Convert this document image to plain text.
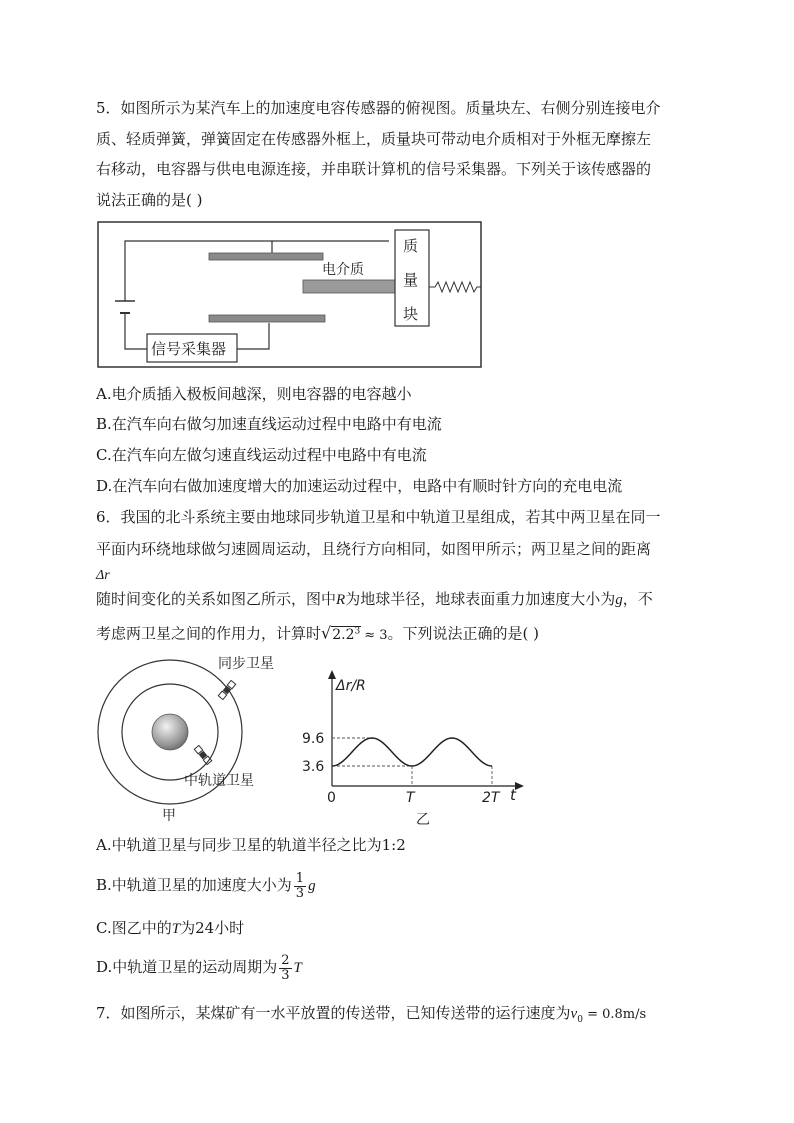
5．如图所示为某汽车上的加速度电容传感器的俯视图。质量块左、右侧分别连接电介
质、轻质弹簧，弹簧固定在传感器外框上，质量块可带动电介质相对于外框无摩擦左
右移动，电容器与供电电源连接，并串联计算机的信号采集器。下列关于该传感器的
说法正确的是( )
电介质
质
量
块
信号采集器
A.电介质插入极板间越深，则电容器的电容越小
B.在汽车向右做匀加速直线运动过程中电路中有电流
C.在汽车向左做匀速直线运动过程中电路中有电流
D.在汽车向右做加速度增大的加速运动过程中，电路中有顺时针方向的充电电流
6．我国的北斗系统主要由地球同步轨道卫星和中轨道卫星组成，若其中两卫星在同一
平面内环绕地球做匀速圆周运动，且绕行方向相同，如图甲所示；两卫星之间的距离
Δr
随时间变化的关系如图乙所示，图中R为地球半径，地球表面重力加速度大小为g，不
考虑两卫星之间的作用力，计算时$√2.2^3 \approx 3$。下列说法正确的是( )
同步卫星
中轨道卫星
甲
Δr/R
t
0	T	2T
9.6
3.6
乙
A.中轨道卫星与同步卫星的轨道半径之比为1:2
B.中轨道卫星的加速度大小为 $\frac{1}{3}$ g
C.图乙中的T为24小时
D.中轨道卫星的运动周期为 $\frac{2}{3}$ T
7．如图所示，某煤矿有一水平放置的传送带，已知传送带的运行速度为$v_0 = 0.8m/s$
